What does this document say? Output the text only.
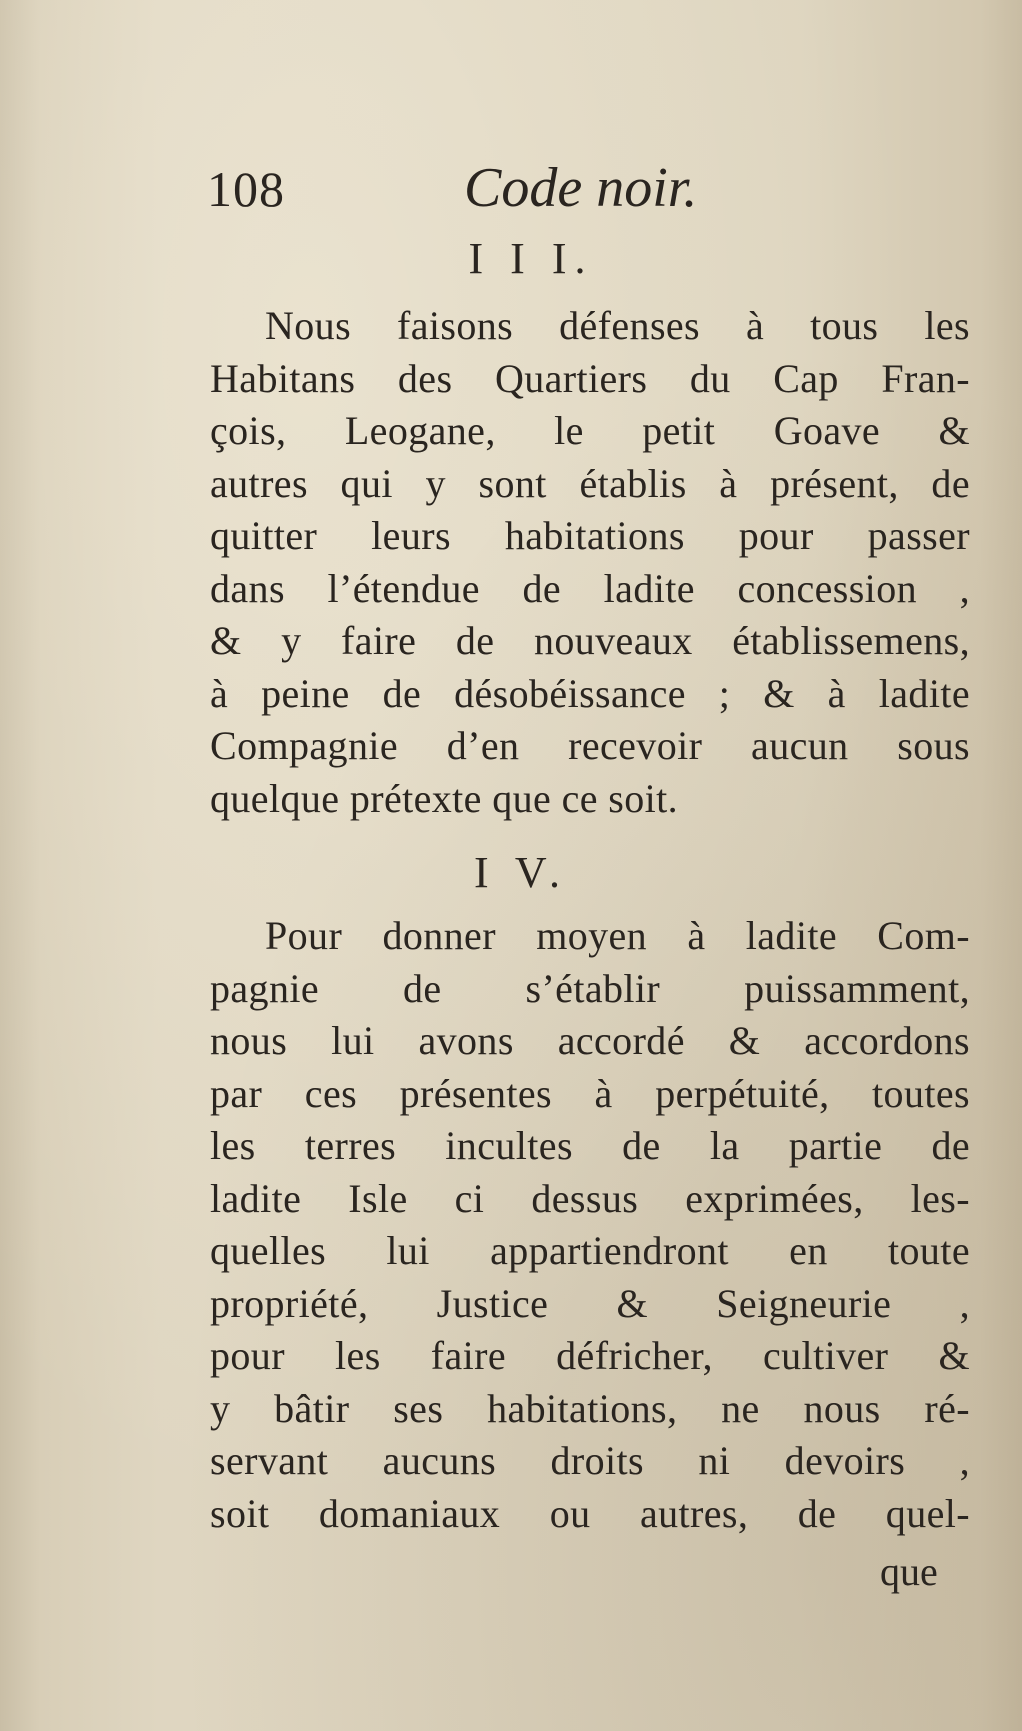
108	Code noir.
I I I.
Nous faisons défenses à tous les
Habitans des Quartiers du Cap Fran-
çois, Leogane, le petit Goave &
autres qui y sont établis à présent, de
quitter leurs habitations pour passer
dans l’étendue de ladite concession ,
& y faire de nouveaux établissemens,
à peine de désobéissance ; & à ladite
Compagnie d’en recevoir aucun sous
quelque prétexte que ce soit.
I V.
Pour donner moyen à ladite Com-
pagnie de s’établir puissamment,
nous lui avons accordé & accordons
par ces présentes à perpétuité, toutes
les terres incultes de la partie de
ladite Isle ci dessus exprimées, les-
quelles lui appartiendront en toute
propriété, Justice & Seigneurie ,
pour les faire défricher, cultiver &
y bâtir ses habitations, ne nous ré-
servant aucuns droits ni devoirs ,
soit domaniaux ou autres, de quel-
que
